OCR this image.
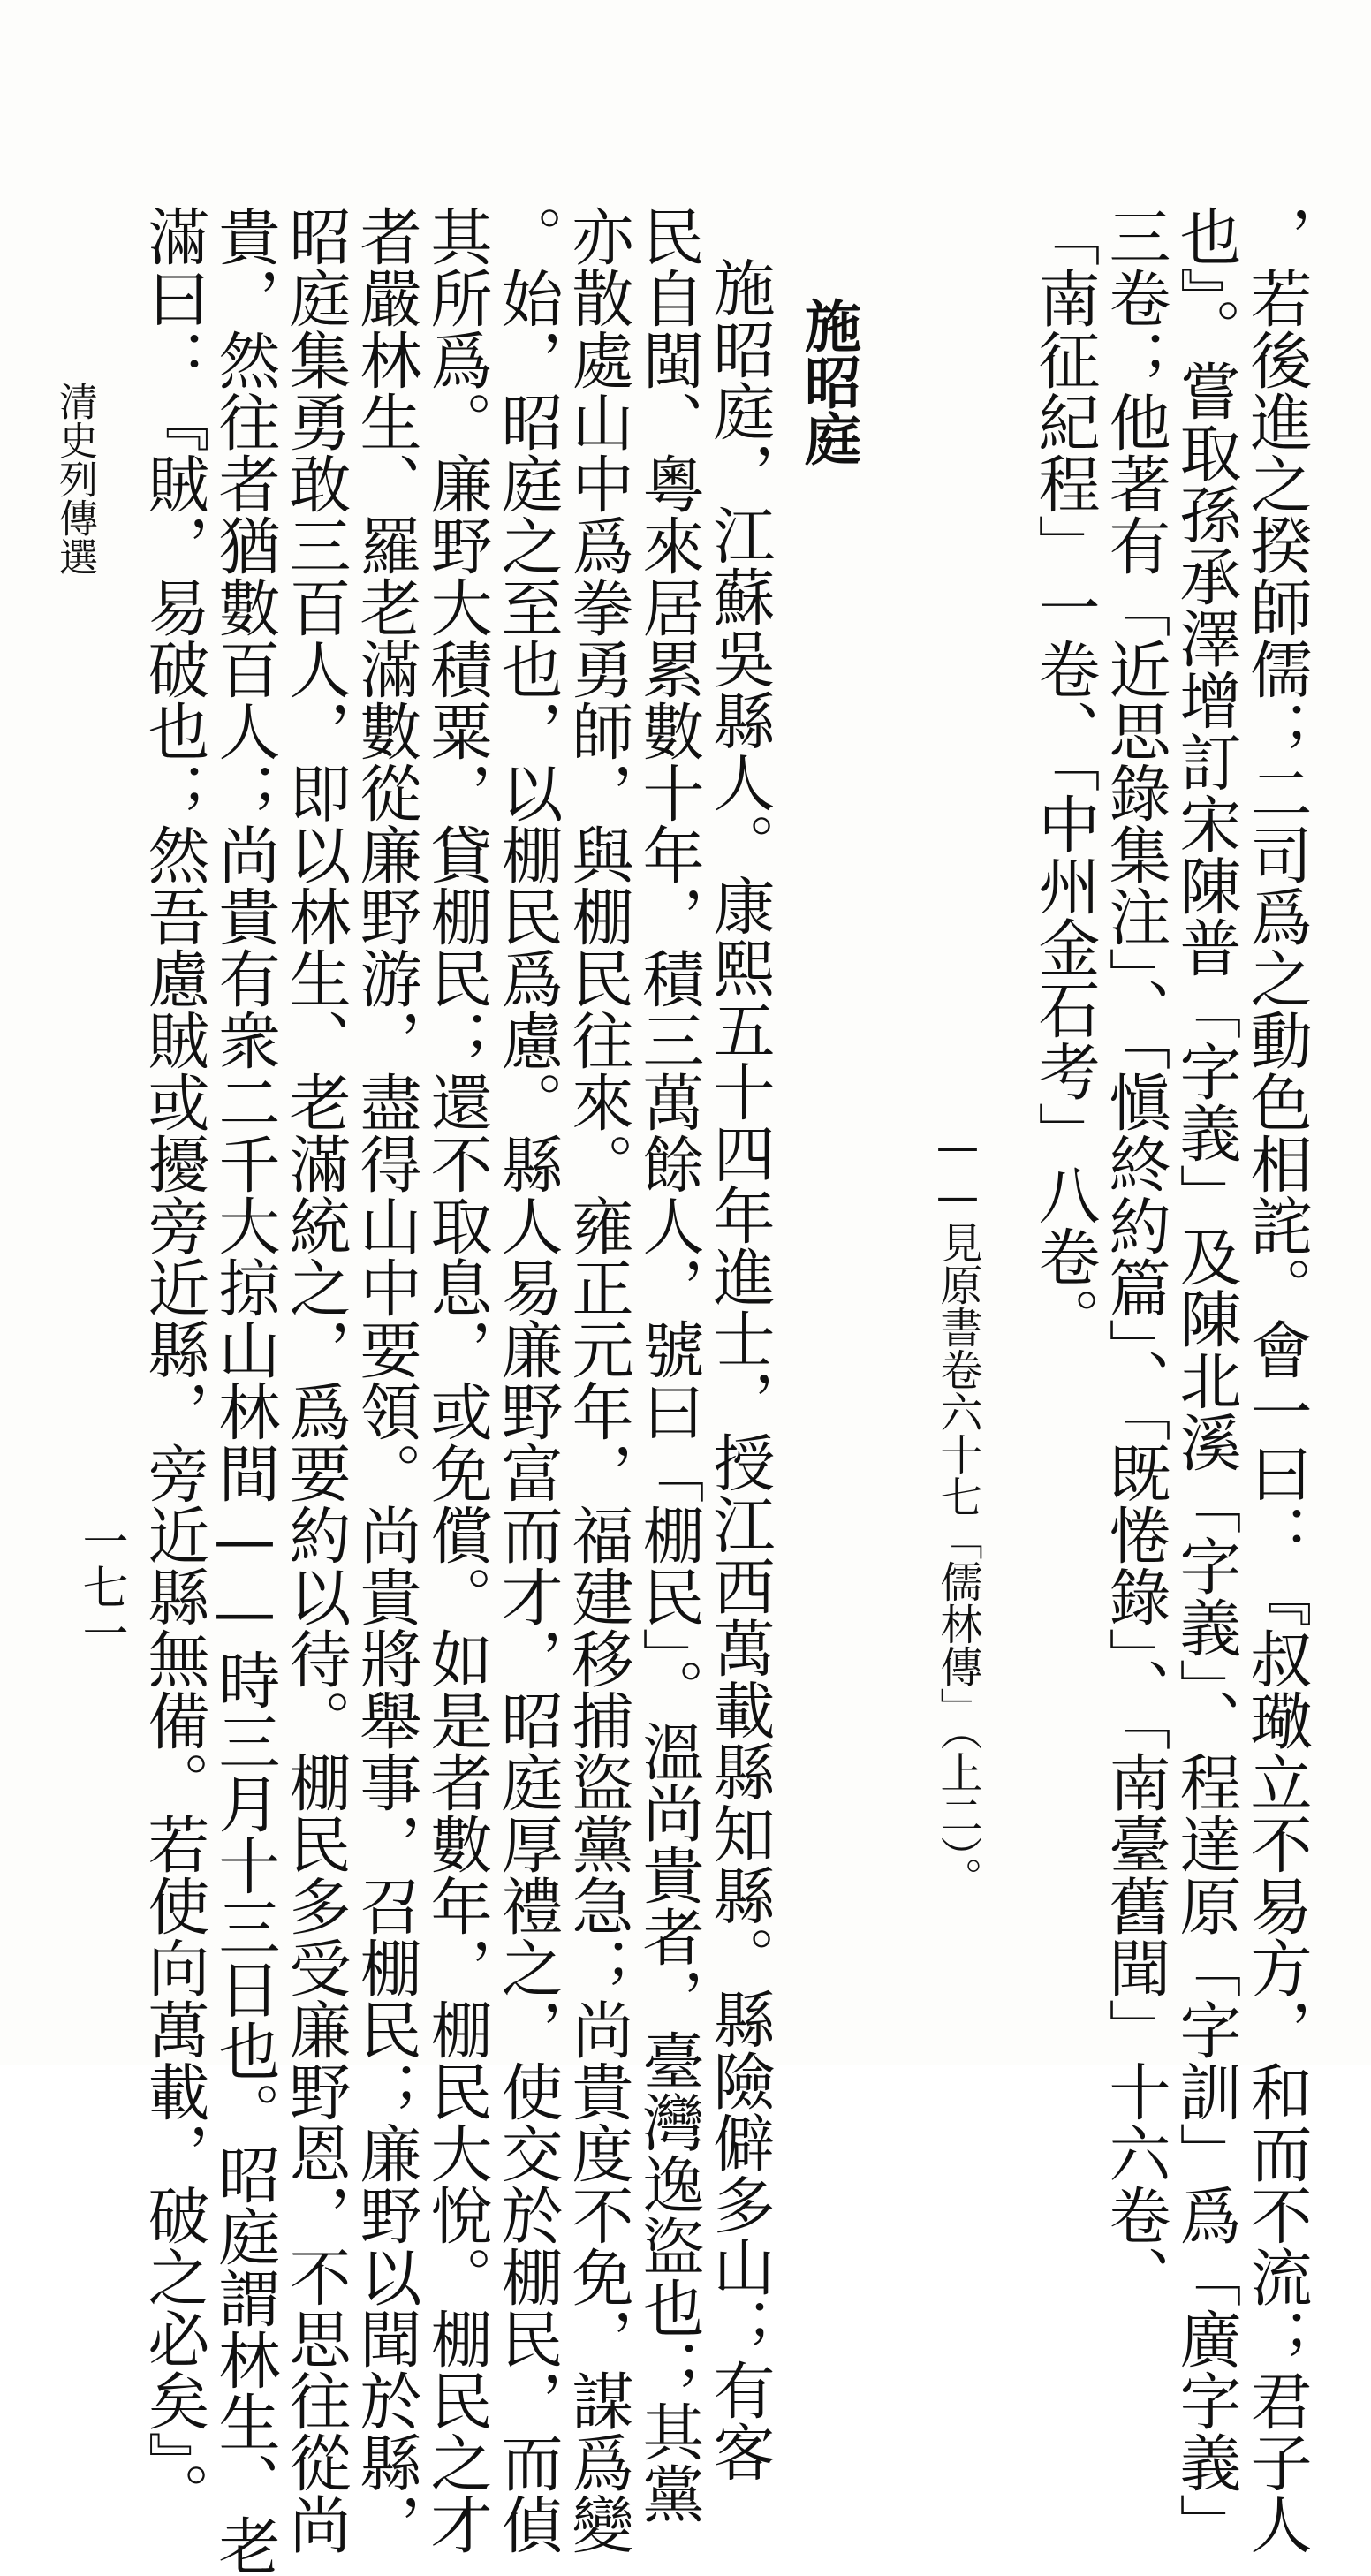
，若後進之揆師儒；二司爲之動色相詫。會一曰：『叔璥立不易方，和而不流；君子人
也』。嘗取孫承澤增訂宋陳普「字義」及陳北溪「字義」、程達原「字訓」爲「廣字義」
三卷；他著有「近思錄集注」、「愼終約篇」、「既惓錄」、「南臺舊聞」十六卷、
「南征紀程」一卷、「中州金石考」八卷。
——見原書卷六十七「儒林傳」（上二）。
施昭庭
施昭庭，江蘇吳縣人。康熙五十四年進士，授江西萬載縣知縣。縣險僻多山；有客
民自閩、粵來居累數十年，積三萬餘人，號曰「棚民」。溫尚貴者，臺灣逸盜也；其黨
亦散處山中爲拳勇師，與棚民往來。雍正元年，福建移捕盜黨急；尚貴度不免，謀爲變
。始，昭庭之至也，以棚民爲慮。縣人易廉野富而才，昭庭厚禮之，使交於棚民，而偵
其所爲。廉野大積粟，貸棚民；還不取息，或免償。如是者數年，棚民大悅。棚民之才
者嚴林生、羅老滿數從廉野游，盡得山中要領。尚貴將舉事，召棚民；廉野以聞於縣，
昭庭集勇敢三百人，即以林生、老滿統之，爲要約以待。棚民多受廉野恩，不思往從尚
貴，然往者猶數百人；尚貴有衆二千大掠山林間——時三月十三日也。昭庭謂林生、老
滿曰：『賊，易破也；然吾慮賊或擾旁近縣，旁近縣無備。若使向萬載，破之必矣』。
清史列傳選
一七一
